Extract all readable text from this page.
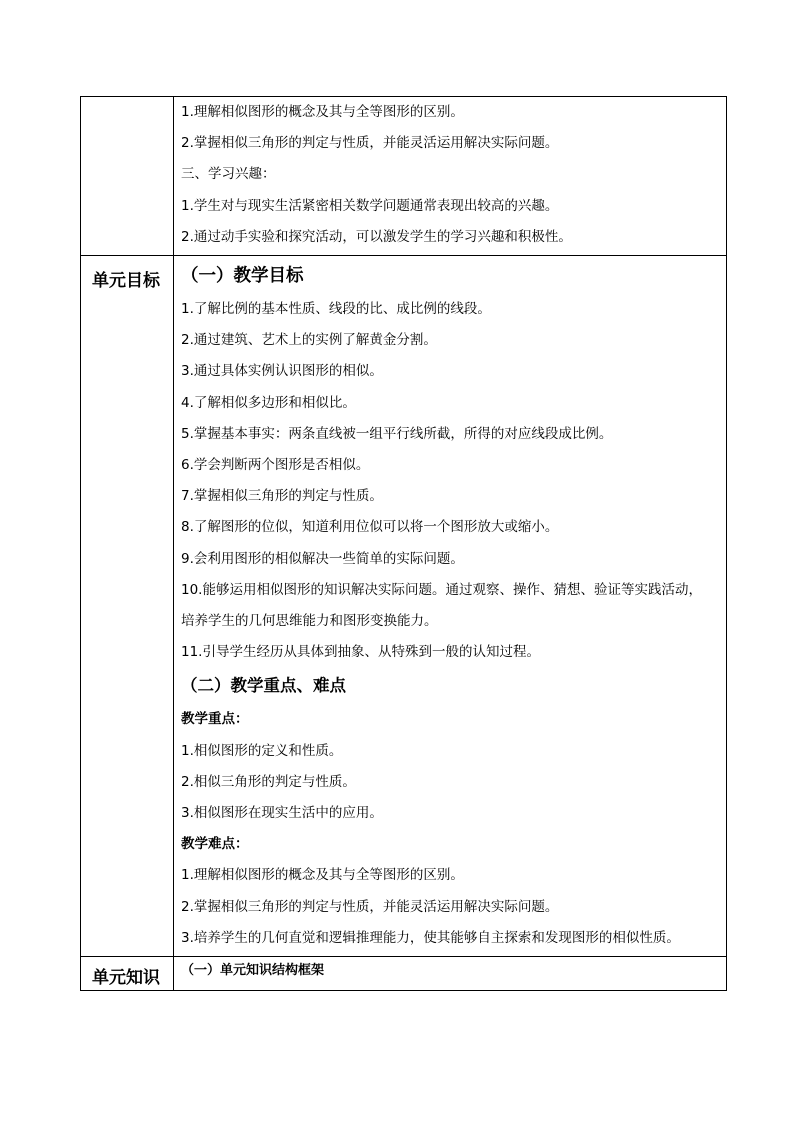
1.理解相似图形的概念及其与全等图形的区别。
2.掌握相似三角形的判定与性质，并能灵活运用解决实际问题。
三、学习兴趣：
1.学生对与现实生活紧密相关数学问题通常表现出较高的兴趣。
2.通过动手实验和探究活动，可以激发学生的学习兴趣和积极性。
单元目标	（一）教学目标
1.了解比例的基本性质、线段的比、成比例的线段。
2.通过建筑、艺术上的实例了解黄金分割。
3.通过具体实例认识图形的相似。
4.了解相似多边形和相似比。
5.掌握基本事实：两条直线被一组平行线所截，所得的对应线段成比例。
6.学会判断两个图形是否相似。
7.掌握相似三角形的判定与性质。
8.了解图形的位似，知道利用位似可以将一个图形放大或缩小。
9.会利用图形的相似解决一些简单的实际问题。
10.能够运用相似图形的知识解决实际问题。通过观察、操作、猜想、验证等实践活动，
培养学生的几何思维能力和图形变换能力。
11.引导学生经历从具体到抽象、从特殊到一般的认知过程。
（二）教学重点、难点
教学重点：
1.相似图形的定义和性质。
2.相似三角形的判定与性质。
3.相似图形在现实生活中的应用。
教学难点：
1.理解相似图形的概念及其与全等图形的区别。
2.掌握相似三角形的判定与性质，并能灵活运用解决实际问题。
3.培养学生的几何直觉和逻辑推理能力，使其能够自主探索和发现图形的相似性质。
单元知识	（一）单元知识结构框架
